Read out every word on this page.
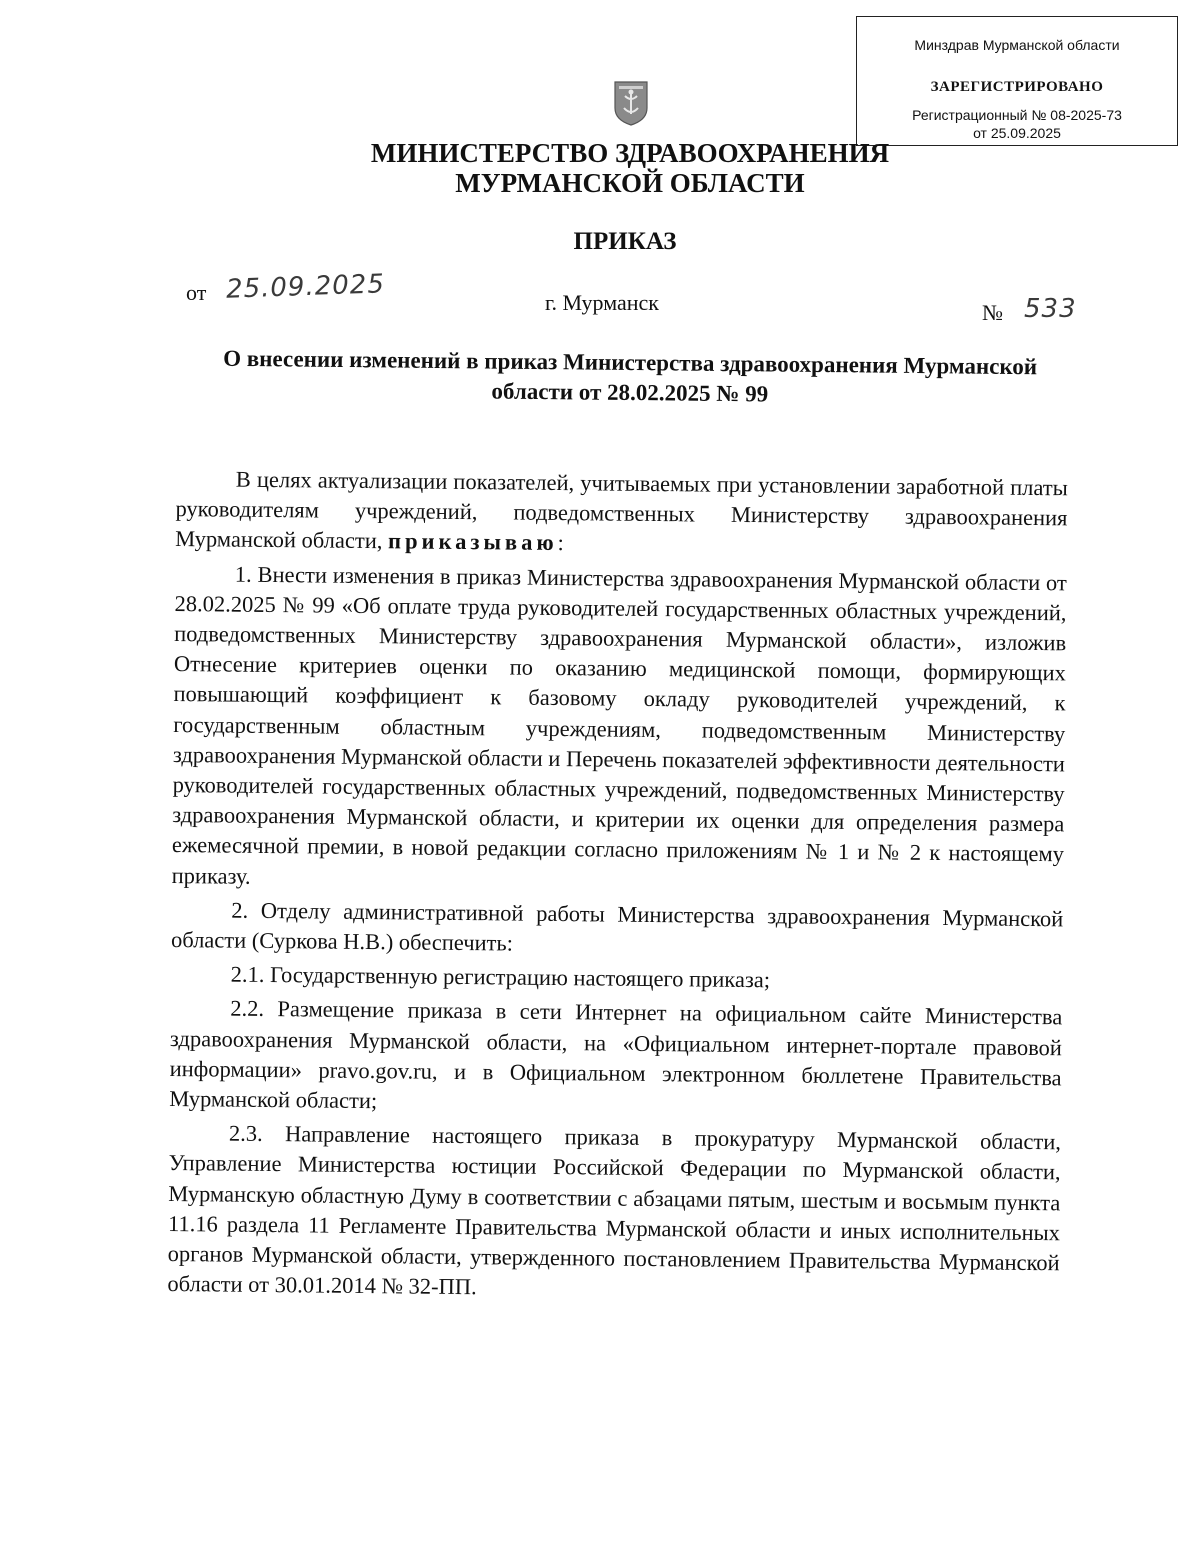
Минздрав Мурманской области
ЗАРЕГИСТРИРОВАНО
Регистрационный № 08-2025-73
от 25.09.2025
МИНИСТЕРСТВО ЗДРАВООХРАНЕНИЯ МУРМАНСКОЙ ОБЛАСТИ
ПРИКАЗ
от 25.09.2025	г. Мурманск	№ 533
О внесении изменений в приказ Министерства здравоохранения Мурманской области от 28.02.2025 № 99

В целях актуализации показателей, учитываемых при установлении заработной платы руководителям учреждений, подведомственных Министерству здравоохранения Мурманской области, приказываю:

1. Внести изменения в приказ Министерства здравоохранения Мурманской области от 28.02.2025 № 99 «Об оплате труда руководителей государственных областных учреждений, подведомственных Министерству здравоохранения Мурманской области», изложив Отнесение критериев оценки по оказанию медицинской помощи, формирующих повышающий коэффициент к базовому окладу руководителей учреждений, к государственным областным учреждениям, подведомственным Министерству здравоохранения Мурманской области и Перечень показателей эффективности деятельности руководителей государственных областных учреждений, подведомственных Министерству здравоохранения Мурманской области, и критерии их оценки для определения размера ежемесячной премии, в новой редакции согласно приложениям № 1 и № 2 к настоящему приказу.

2. Отделу административной работы Министерства здравоохранения Мурманской области (Суркова Н.В.) обеспечить:

2.1. Государственную регистрацию настоящего приказа;

2.2. Размещение приказа в сети Интернет на официальном сайте Министерства здравоохранения Мурманской области, на «Официальном интернет-портале правовой информации» pravo.gov.ru, и в Официальном электронном бюллетене Правительства Мурманской области;

2.3. Направление настоящего приказа в прокуратуру Мурманской области, Управление Министерства юстиции Российской Федерации по Мурманской области, Мурманскую областную Думу в соответствии с абзацами пятым, шестым и восьмым пункта 11.16 раздела 11 Регламенте Правительства Мурманской области и иных исполнительных органов Мурманской области, утвержденного постановлением Правительства Мурманской области от 30.01.2014 № 32-ПП.
